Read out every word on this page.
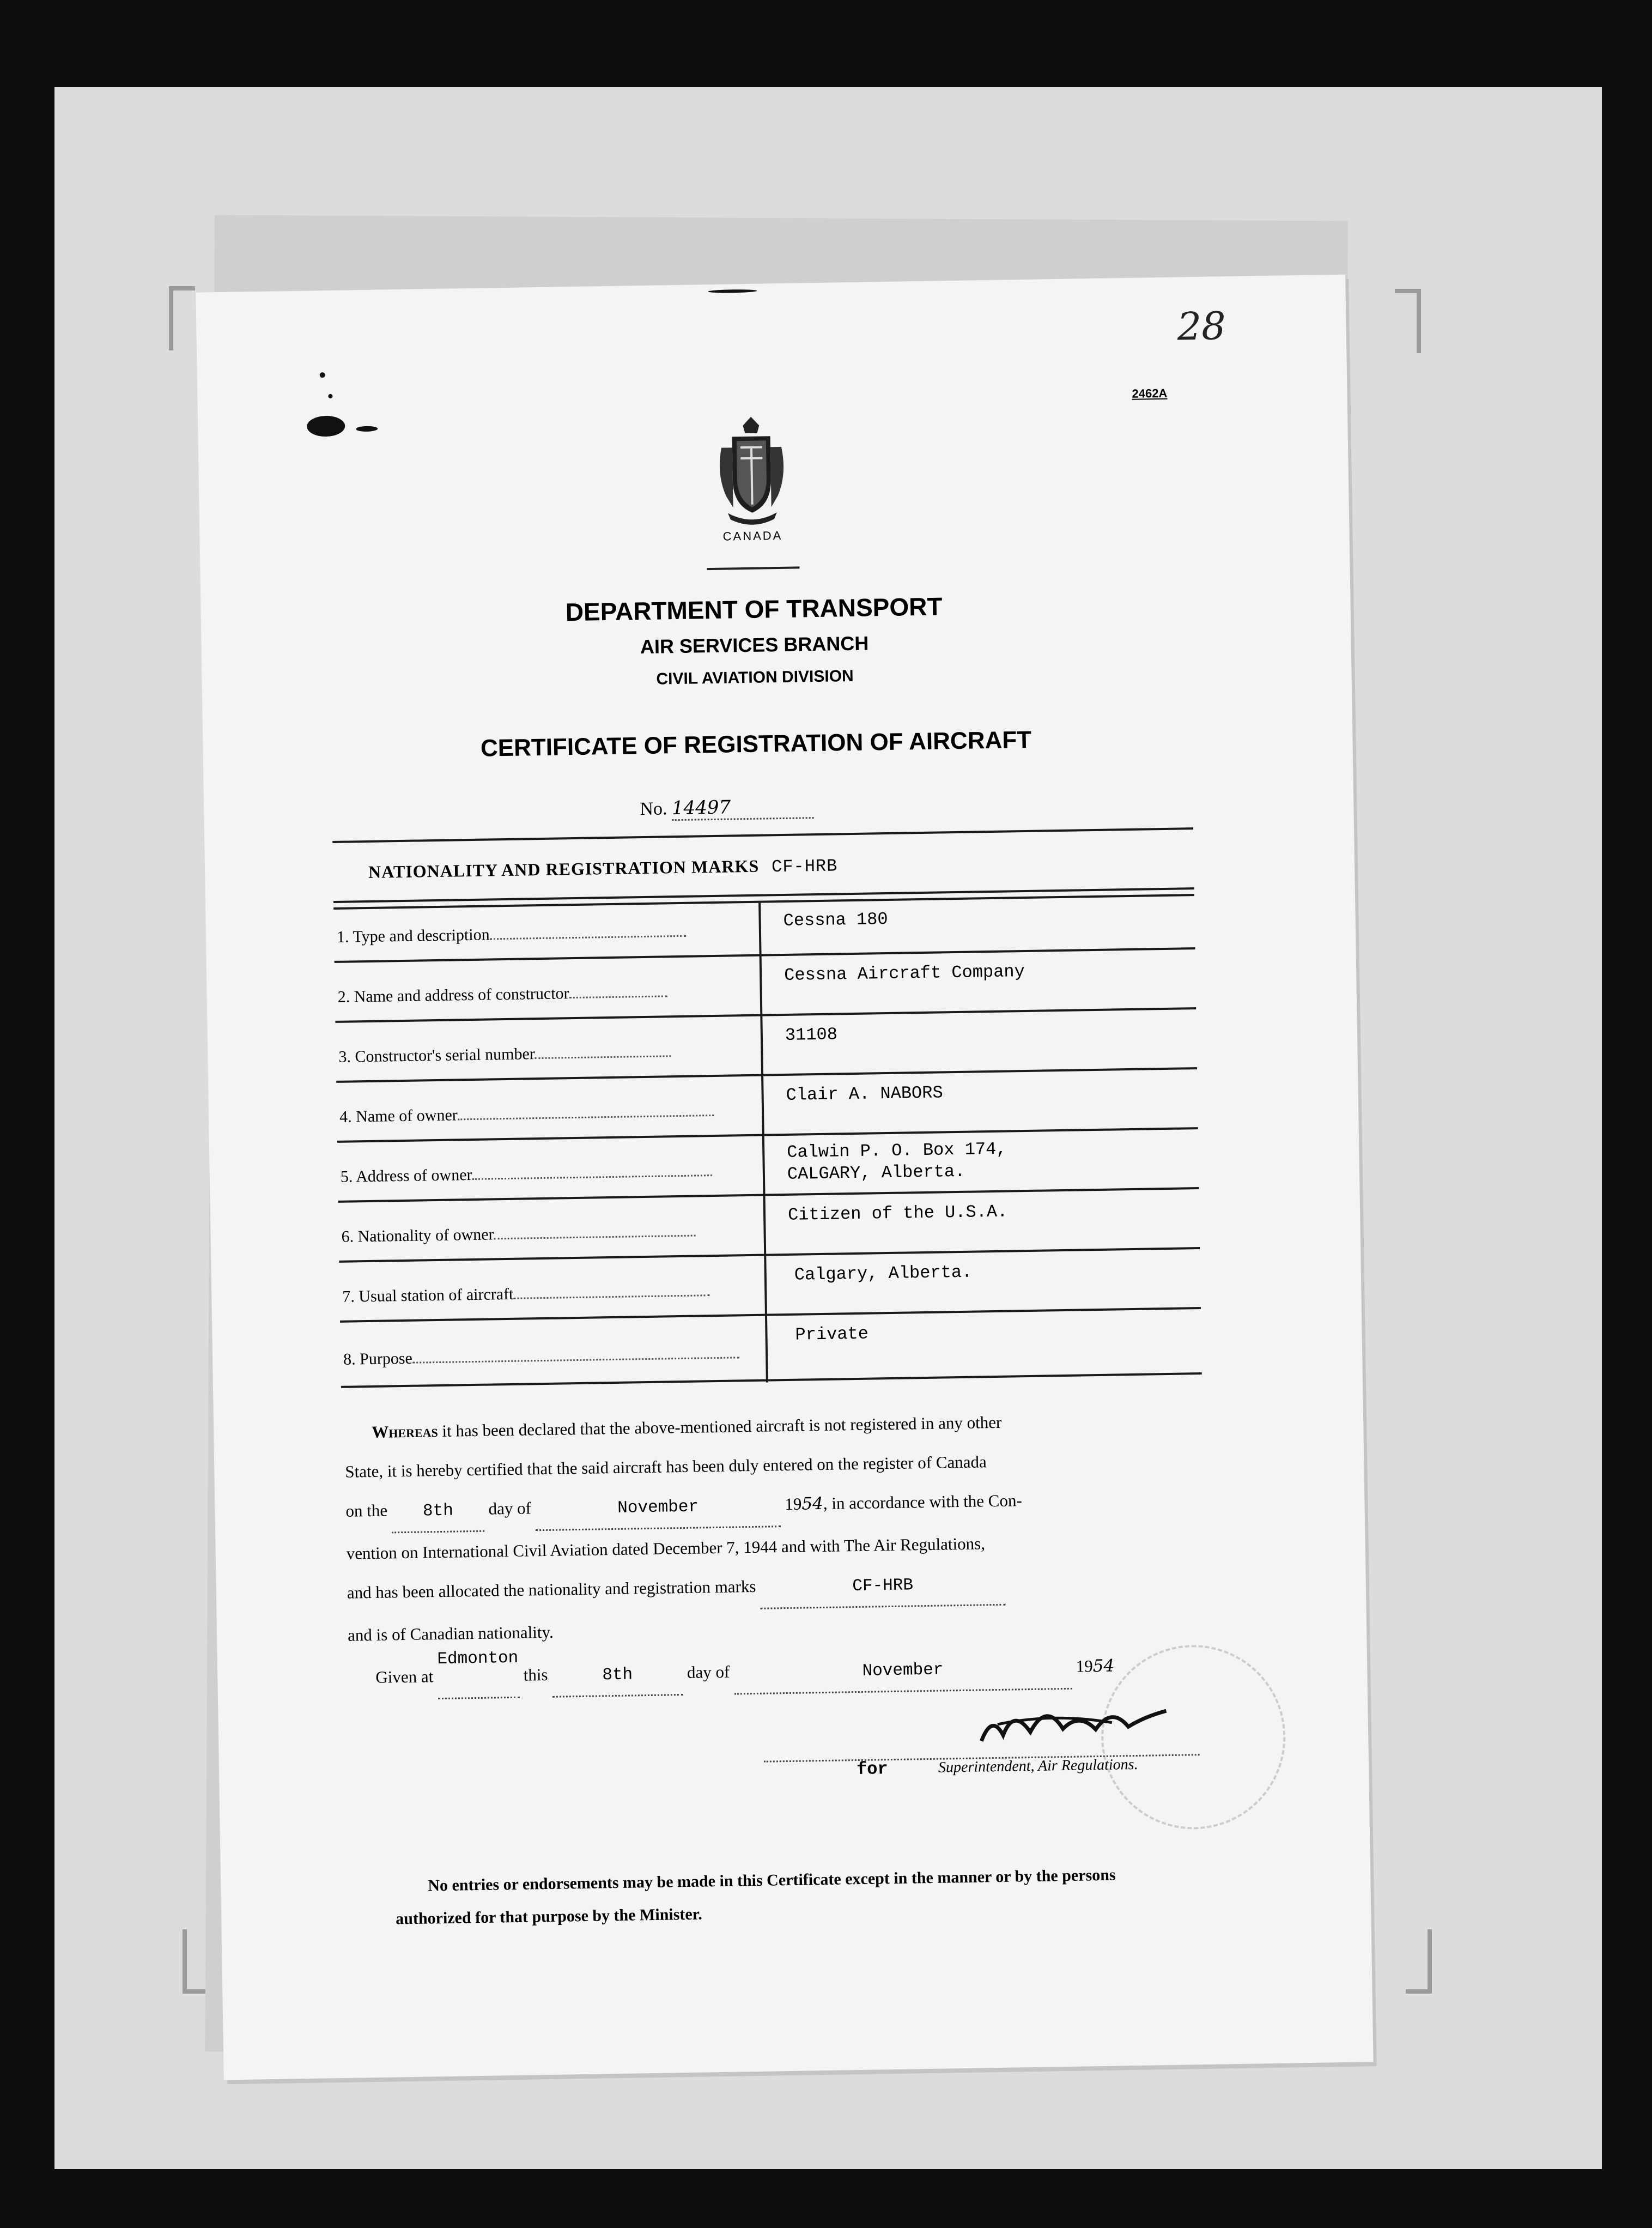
2462A
28
CANADA
DEPARTMENT OF TRANSPORT
AIR SERVICES BRANCH
CIVIL AVIATION DIVISION
CERTIFICATE OF REGISTRATION OF AIRCRAFT
No. 14497
NATIONALITY AND REGISTRATION MARKS CF-HRB
1. Type and description
Cessna 180
2. Name and address of constructor
Cessna Aircraft Company
3. Constructor's serial number
31108
4. Name of owner
Clair A. NABORS
5. Address of owner
Calwin P. O. Box 174,
CALGARY, Alberta.
6. Nationality of owner
Citizen of the U.S.A.
7. Usual station of aircraft
Calgary, Alberta.
8. Purpose
Private
Whereas it has been declared that the above-mentioned aircraft is not registered in any other
State, it is hereby certified that the said aircraft has been duly entered on the register of Canada
on the 8th day of	November	1954, in accordance with the Con-
vention on International Civil Aviation dated December 7, 1944 and with The Air Regulations,
and has been allocated the nationality and registration marks	CF-HRB
and is of Canadian nationality.
Given at
Edmonton
this	8th	day of	November	1954
for	Superintendent, Air Regulations.
No entries or endorsements may be made in this Certificate except in the manner or by the persons
authorized for that purpose by the Minister.
